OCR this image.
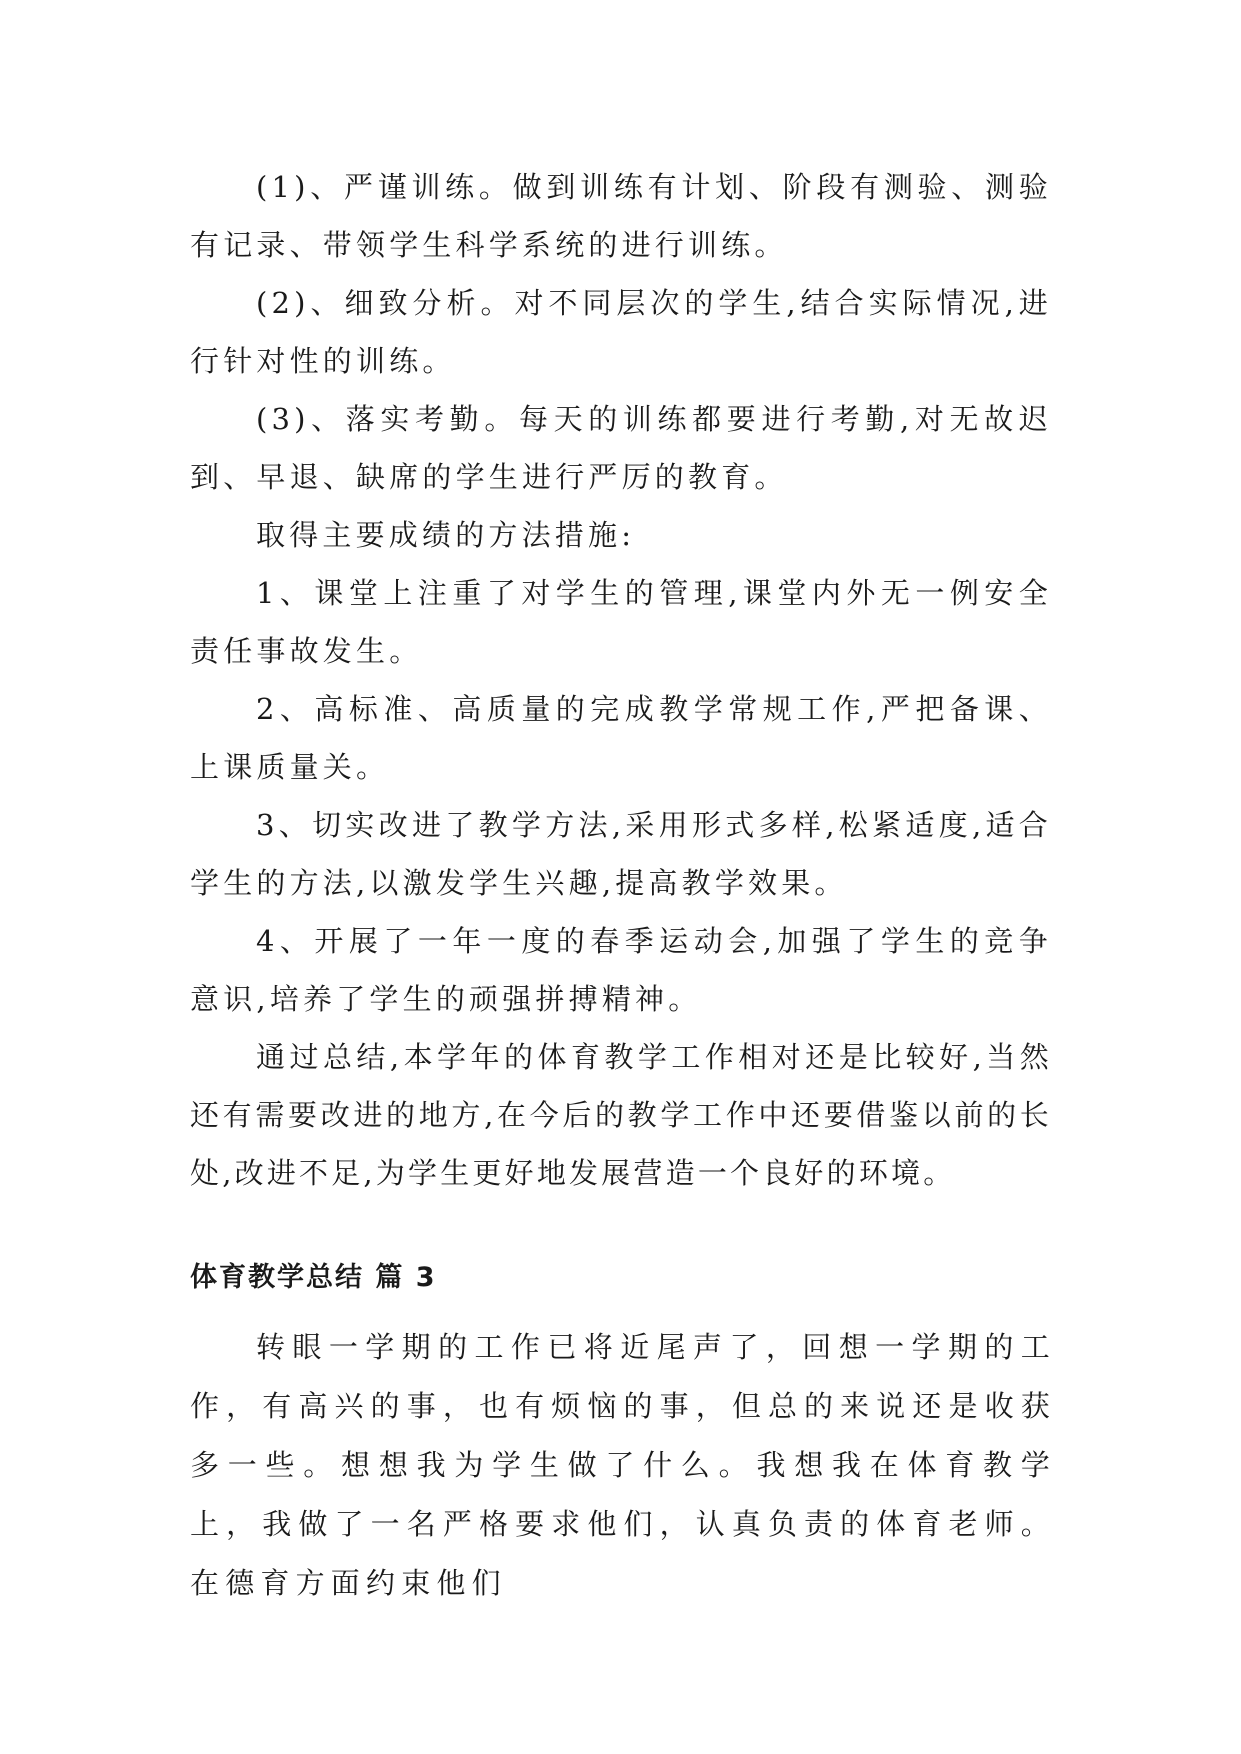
(1)、严谨训练。做到训练有计划、阶段有测验、测验有记录、带领学生科学系统的进行训练。

(2)、细致分析。对不同层次的学生,结合实际情况,进行针对性的训练。

(3)、落实考勤。每天的训练都要进行考勤,对无故迟到、早退、缺席的学生进行严厉的教育。

取得主要成绩的方法措施:

1、课堂上注重了对学生的管理,课堂内外无一例安全责任事故发生。

2、高标准、高质量的完成教学常规工作,严把备课、上课质量关。

3、切实改进了教学方法,采用形式多样,松紧适度,适合学生的方法,以激发学生兴趣,提高教学效果。

4、开展了一年一度的春季运动会,加强了学生的竞争意识,培养了学生的顽强拼搏精神。

通过总结,本学年的体育教学工作相对还是比较好,当然还有需要改进的地方,在今后的教学工作中还要借鉴以前的长处,改进不足,为学生更好地发展营造一个良好的环境。

体育教学总结 篇 3

转眼一学期的工作已将近尾声了，回想一学期的工作，有高兴的事，也有烦恼的事，但总的来说还是收获多一些。想想我为学生做了什么。我想我在体育教学上，我做了一名严格要求他们，认真负责的体育老师。在德育方面约束他们
